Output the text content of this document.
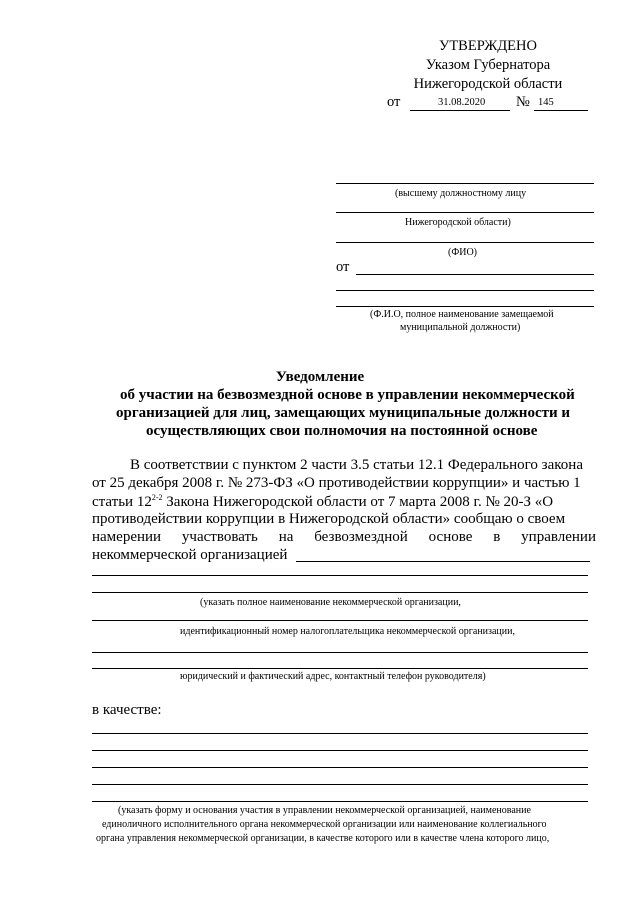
УТВЕРЖДЕНО
Указом Губернатора
Нижегородской области
от	31.08.2020 № 145
(высшему должностному лицу
Нижегородской области)
(ФИО)
от
(Ф.И.О, полное наименование замещаемой
муниципальной должности)
Уведомление
об участии на безвозмездной основе в управлении некоммерческой
организацией для лиц, замещающих муниципальные должности и
осуществляющих свои полномочия на постоянной основе
В соответствии с пунктом 2 части 3.5 статьи 12.1 Федерального закона
от 25 декабря 2008 г. № 273-ФЗ «О противодействии коррупции» и частью 1
статьи 12$^{2-2}$ Закона Нижегородской области от 7 марта 2008 г. № 20-З «О
противодействии коррупции в Нижегородской области» сообщаю о своем
намерении участвовать на безвозмездной основе в управлении
некоммерческой организацией
(указать полное наименование некоммерческой организации,
идентификационный номер налогоплательщика некоммерческой организации,
юридический и фактический адрес, контактный телефон руководителя)
в качестве:
(указать форму и основания участия в управлении некоммерческой организацией, наименование
единоличного исполнительного органа некоммерческой организации или наименование коллегиального
органа управления некоммерческой организации, в качестве которого или в качестве члена которого лицо,
